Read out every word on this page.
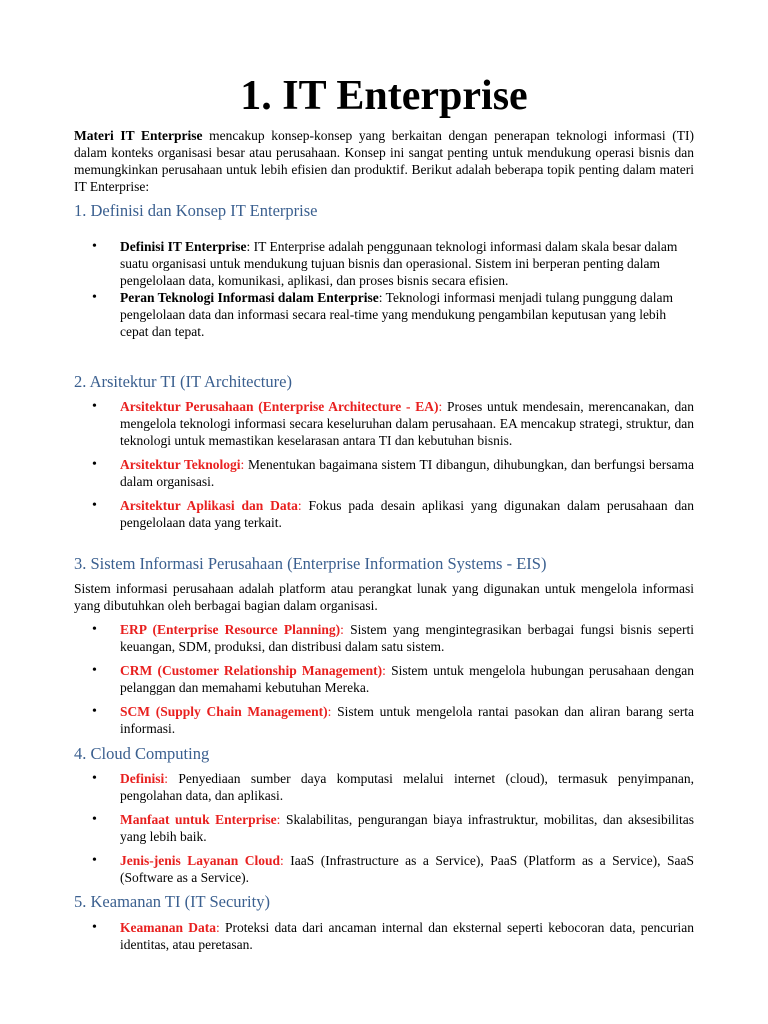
1. IT Enterprise
Materi IT Enterprise mencakup konsep-konsep yang berkaitan dengan penerapan teknologi informasi (TI) dalam konteks organisasi besar atau perusahaan. Konsep ini sangat penting untuk mendukung operasi bisnis dan memungkinkan perusahaan untuk lebih efisien dan produktif. Berikut adalah beberapa topik penting dalam materi IT Enterprise:
1. Definisi dan Konsep IT Enterprise
• Definisi IT Enterprise: IT Enterprise adalah penggunaan teknologi informasi dalam skala besar dalam suatu organisasi untuk mendukung tujuan bisnis dan operasional. Sistem ini berperan penting dalam pengelolaan data, komunikasi, aplikasi, dan proses bisnis secara efisien.
• Peran Teknologi Informasi dalam Enterprise: Teknologi informasi menjadi tulang punggung dalam pengelolaan data dan informasi secara real-time yang mendukung pengambilan keputusan yang lebih cepat dan tepat.
2. Arsitektur TI (IT Architecture)
• Arsitektur Perusahaan (Enterprise Architecture - EA): Proses untuk mendesain, merencanakan, dan mengelola teknologi informasi secara keseluruhan dalam perusahaan. EA mencakup strategi, struktur, dan teknologi untuk memastikan keselarasan antara TI dan kebutuhan bisnis.
• Arsitektur Teknologi: Menentukan bagaimana sistem TI dibangun, dihubungkan, dan berfungsi bersama dalam organisasi.
• Arsitektur Aplikasi dan Data: Fokus pada desain aplikasi yang digunakan dalam perusahaan dan pengelolaan data yang terkait.
3. Sistem Informasi Perusahaan (Enterprise Information Systems - EIS)
Sistem informasi perusahaan adalah platform atau perangkat lunak yang digunakan untuk mengelola informasi yang dibutuhkan oleh berbagai bagian dalam organisasi.
• ERP (Enterprise Resource Planning): Sistem yang mengintegrasikan berbagai fungsi bisnis seperti keuangan, SDM, produksi, dan distribusi dalam satu sistem.
• CRM (Customer Relationship Management): Sistem untuk mengelola hubungan perusahaan dengan pelanggan dan memahami kebutuhan Mereka.
• SCM (Supply Chain Management): Sistem untuk mengelola rantai pasokan dan aliran barang serta informasi.
4. Cloud Computing
• Definisi: Penyediaan sumber daya komputasi melalui internet (cloud), termasuk penyimpanan, pengolahan data, dan aplikasi.
• Manfaat untuk Enterprise: Skalabilitas, pengurangan biaya infrastruktur, mobilitas, dan aksesibilitas yang lebih baik.
• Jenis-jenis Layanan Cloud: IaaS (Infrastructure as a Service), PaaS (Platform as a Service), SaaS (Software as a Service).
5. Keamanan TI (IT Security)
• Keamanan Data: Proteksi data dari ancaman internal dan eksternal seperti kebocoran data, pencurian identitas, atau peretasan.
